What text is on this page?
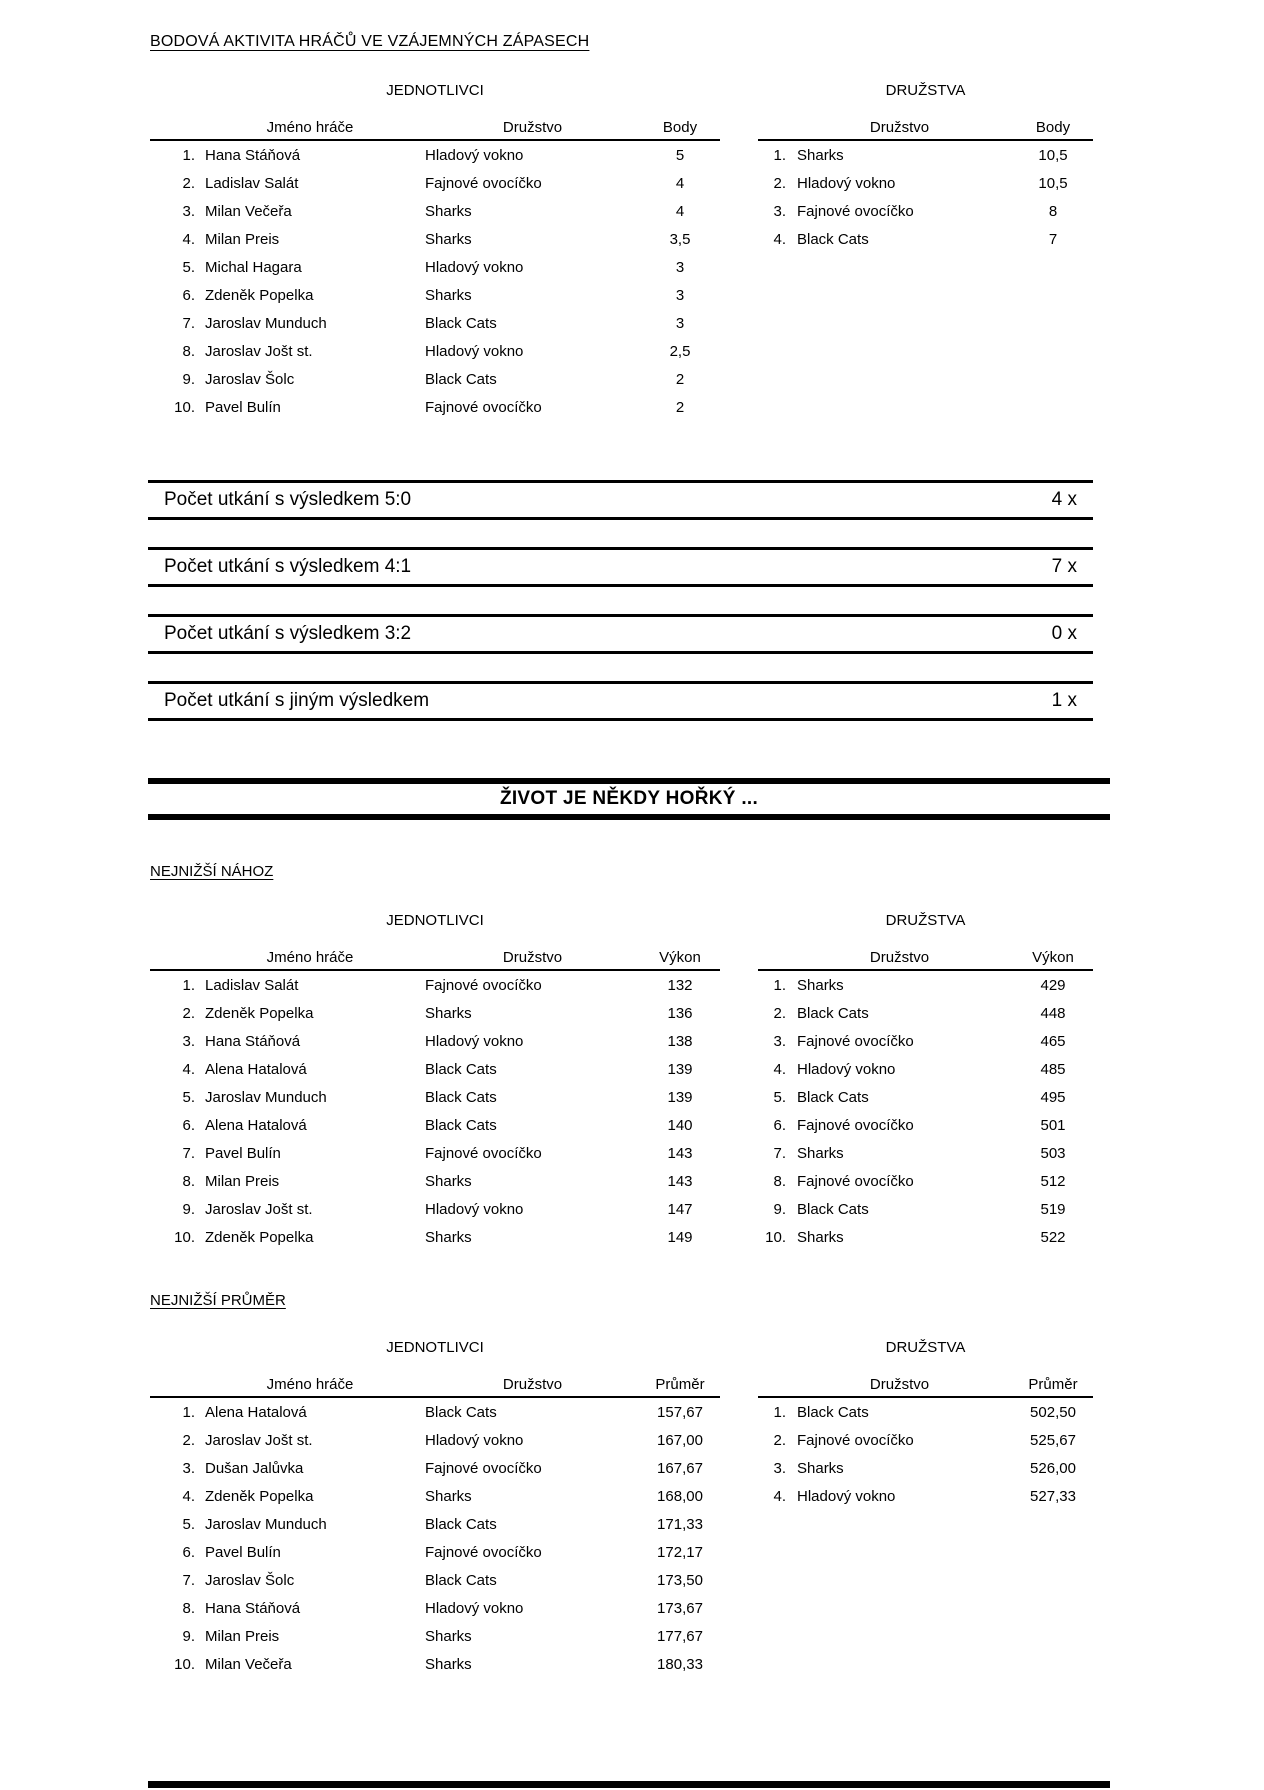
BODOVÁ AKTIVITA HRÁČŮ VE VZÁJEMNÝCH ZÁPASECH
JEDNOTLIVCI
Jméno hráče	Družstvo	Body
1. Hana Stáňová	Hladový vokno	5
2. Ladislav Salát	Fajnové ovocíčko	4
3. Milan Večeřa	Sharks	4
4. Milan Preis	Sharks	3,5
5. Michal Hagara	Hladový vokno	3
6. Zdeněk Popelka	Sharks	3
7. Jaroslav Munduch	Black Cats	3
8. Jaroslav Jošt st.	Hladový vokno	2,5
9. Jaroslav Šolc	Black Cats	2
10. Pavel Bulín	Fajnové ovocíčko	2
DRUŽSTVA
Družstvo	Body
1. Sharks	10,5
2. Hladový vokno	10,5
3. Fajnové ovocíčko	8
4. Black Cats	7
Počet utkání s výsledkem 5:0	4 x
Počet utkání s výsledkem 4:1	7 x
Počet utkání s výsledkem 3:2	0 x
Počet utkání s jiným výsledkem	1 x
ŽIVOT JE NĚKDY HOŘKÝ ...
NEJNIŽŠÍ NÁHOZ
JEDNOTLIVCI
Jméno hráče	Družstvo	Výkon
1. Ladislav Salát	Fajnové ovocíčko	132
2. Zdeněk Popelka	Sharks	136
3. Hana Stáňová	Hladový vokno	138
4. Alena Hatalová	Black Cats	139
5. Jaroslav Munduch	Black Cats	139
6. Alena Hatalová	Black Cats	140
7. Pavel Bulín	Fajnové ovocíčko	143
8. Milan Preis	Sharks	143
9. Jaroslav Jošt st.	Hladový vokno	147
10. Zdeněk Popelka	Sharks	149
DRUŽSTVA
Družstvo	Výkon
1. Sharks	429
2. Black Cats	448
3. Fajnové ovocíčko	465
4. Hladový vokno	485
5. Black Cats	495
6. Fajnové ovocíčko	501
7. Sharks	503
8. Fajnové ovocíčko	512
9. Black Cats	519
10. Sharks	522
NEJNIŽŠÍ PRŮMĚR
JEDNOTLIVCI
Jméno hráče	Družstvo	Průměr
1. Alena Hatalová	Black Cats	157,67
2. Jaroslav Jošt st.	Hladový vokno	167,00
3. Dušan Jalůvka	Fajnové ovocíčko	167,67
4. Zdeněk Popelka	Sharks	168,00
5. Jaroslav Munduch	Black Cats	171,33
6. Pavel Bulín	Fajnové ovocíčko	172,17
7. Jaroslav Šolc	Black Cats	173,50
8. Hana Stáňová	Hladový vokno	173,67
9. Milan Preis	Sharks	177,67
10. Milan Večeřa	Sharks	180,33
DRUŽSTVA
Družstvo	Průměr
1. Black Cats	502,50
2. Fajnové ovocíčko	525,67
3. Sharks	526,00
4. Hladový vokno	527,33
